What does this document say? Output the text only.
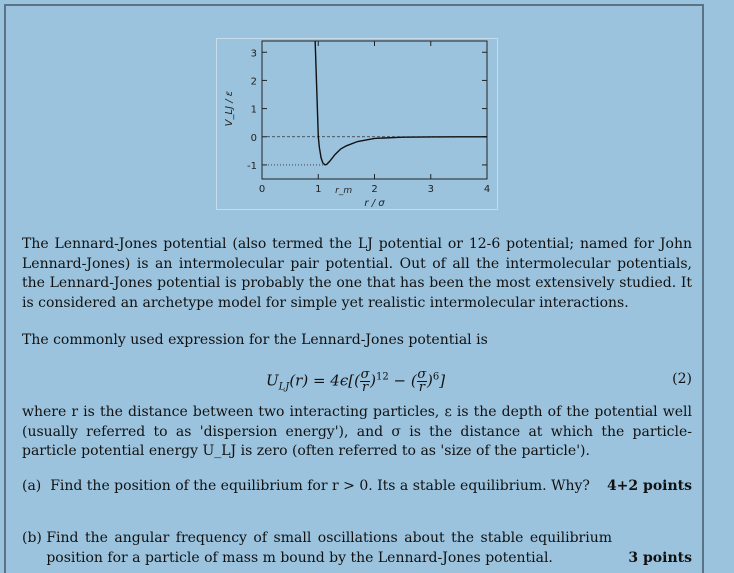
3
2
1
0
-1
0	1	2	3	4
r / σ
V_LJ / ε
r_m
The Lennard-Jones potential (also termed the LJ potential or 12-6 potential; named for John Lennard-Jones) is an intermolecular pair potential. Out of all the intermolecular potentials, the Lennard-Jones potential is probably the one that has been the most extensively studied. It is considered an archetype model for simple yet realistic intermolecular interactions.
The commonly used expression for the Lennard-Jones potential is
$U_{LJ}(r) = 4\epsilon[(\sigma$
r )$^{12}$ − (σ
r )$^6$]	(2)
where r is the distance between two interacting particles, ε is the depth of the potential well (usually referred to as 'dispersion energy'), and σ is the distance at which the particle-particle potential energy U_LJ is zero (often referred to as 'size of the particle').
(a) Find the position of the equilibrium for r > 0. Its a stable equilibrium. Why? 4+2 points
(b)
Find the angular frequency of small oscillations about the stable equilibrium position for a particle of mass m bound by the Lennard-Jones potential.	3 points
